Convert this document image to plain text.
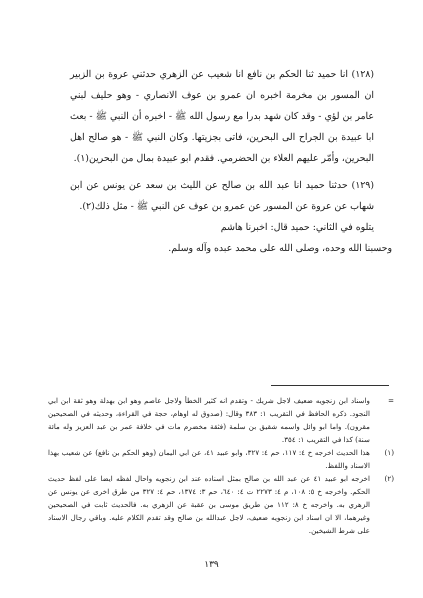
(١٢٨) انا حميد ثنا الحكم بن نافع انا شعيب عن الزهري حدثني عروة بن الزبير ان المسور بن مخرمة اخبره ان عمرو بن عوف الانصاري - وهو حليف لبني عامر بن لؤي - وقد كان شهد بدرا مع رسول الله ﷺ - اخبره أن النبي ﷺ - بعث ابا عبيدة بن الجراح الى البحرين، فاتى بجزيتها. وكان النبي ﷺ - هو صالح اهل البحرين، وأمّر عليهم العلاء بن الحضرمي. فقدم ابو عبيدة بمال من البحرين(١).

(١٢٩) حدثنا حميد انا عبد الله بن صالح عن الليث بن سعد عن يونس عن ابن شهاب عن عروة عن المسور عن عمرو بن عوف عن النبي ﷺ - مثل ذلك(٢).

يتلوه في الثاني: حميد قال: اخبرنا هاشم

وحسبنا الله وحده، وصلى الله على محمد عبده وآله وسلم.

=
واسناد ابن زنجويه ضعيف لاجل شريك - وتقدم انه كثير الخطأ ولاجل عاصم وهو ابن بهدلة وهو ثقة ابن ابي النجود. ذكره الحافظ في التقريب ١: ٣٨٣ وقال: (صدوق له اوهام، حجة في القراءة، وحديثه في الصحيحين مقرون). واما ابو وائل واسمه شقيق بن سلمة (فثقة مخضرم مات في خلافة عمر بن عبد العزيز وله مائة سنة) كذا في التقريب ١: ٣٥٤.
(١)
هذا الحديث اخرجه خ ٤: ١١٧، حم ٤: ٣٢٧، وابو عبيد ٤١، عن ابي اليمان (وهو الحكم بن نافع) عن شعيب بهذا الاسناد واللفظ.
(٢)
اخرجه ابو عبيد ٤١ عن عبد الله بن صالح بمثل اسناده عند ابن زنجويه واحال لفظه ايضا على لفظ حديث الحكم. واخرجه خ ٥: ١٠٨، م ٤: ٢٢٧٣ ت ٤: ٦٤٠، حم ٣: ١٣٧٤، حم ٤: ٣٢٧ من طرق اخرى عن يونس عن الزهري به. واخرجه خ ٨: ١١٢ من طريق موسى بن عقبة عن الزهري به. فالحديث ثابت في الصحيحين وغيرهما، الا ان اسناد ابن زنجويه ضعيف، لاجل عبدالله بن صالح وقد تقدم الكلام عليه. وباقي رجال الاسناد على شرط الشيخين.
١٣٩
